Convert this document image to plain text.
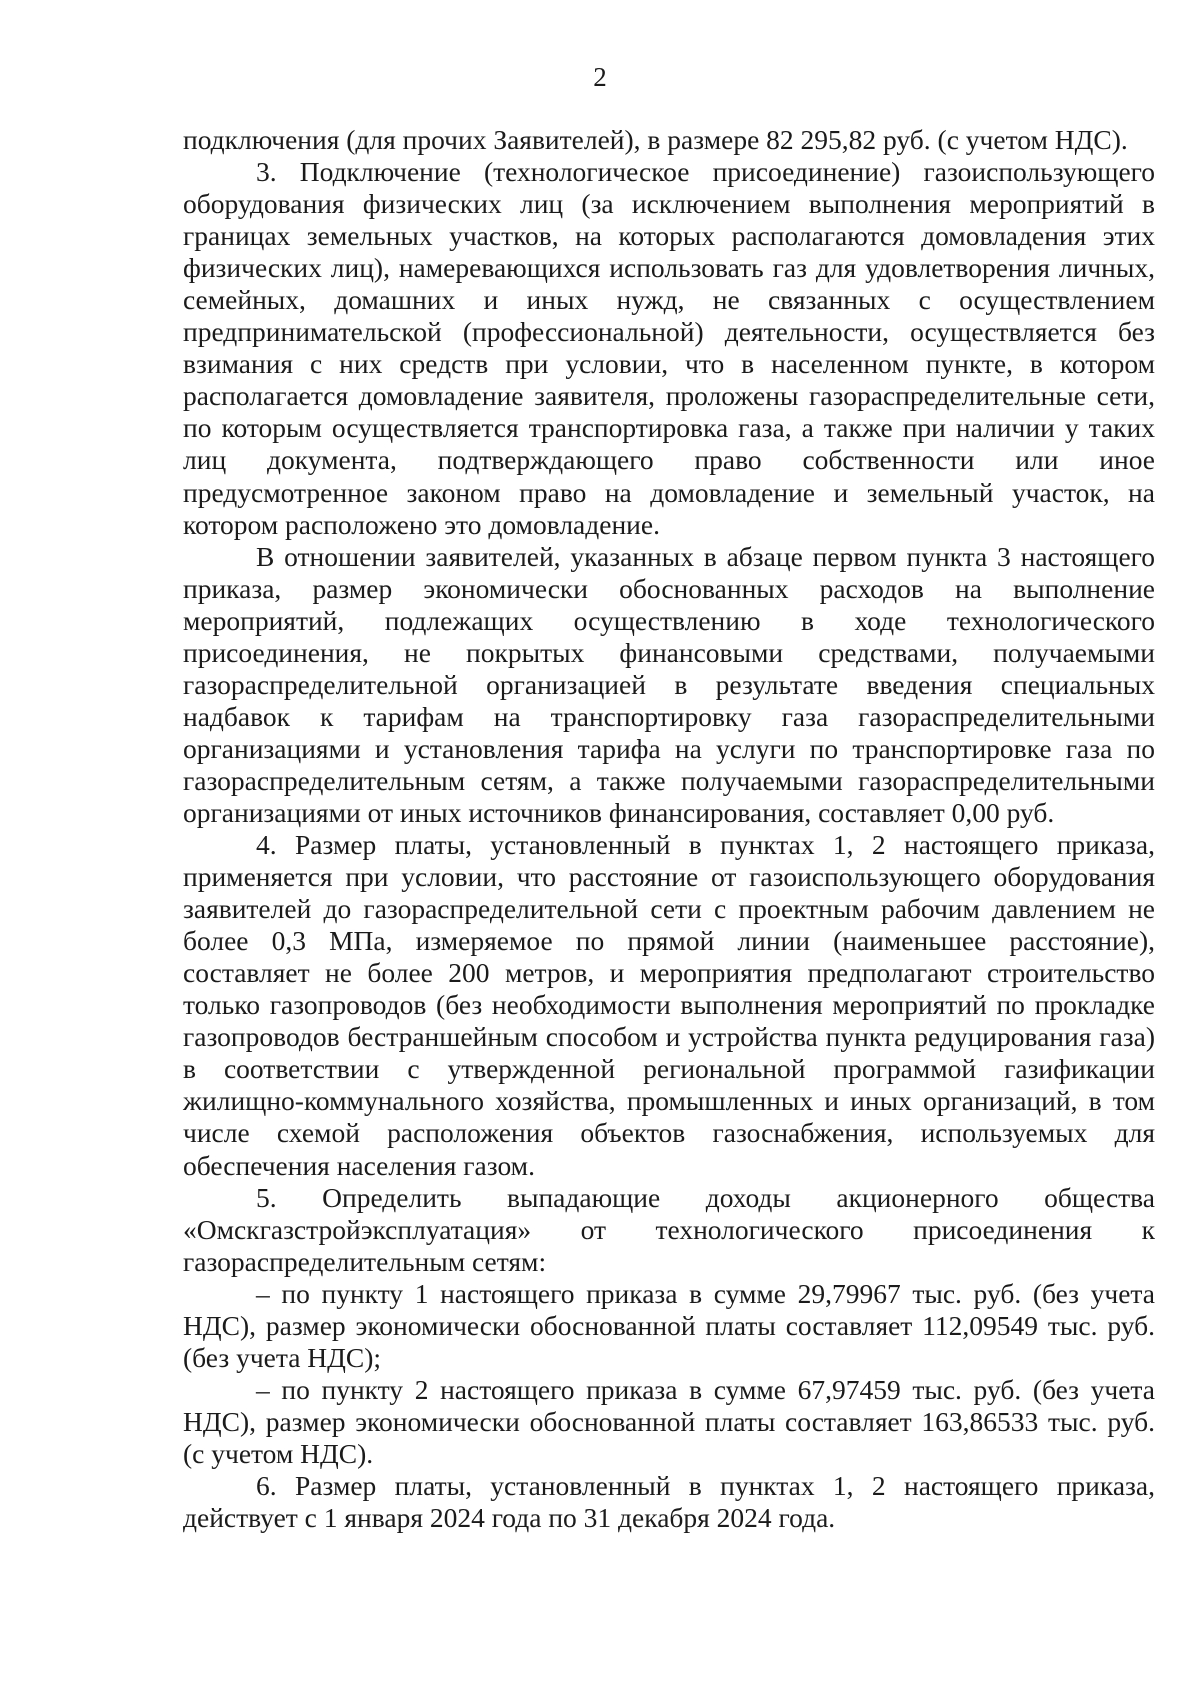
2

подключения (для прочих Заявителей), в размере 82 295,82 руб. (с учетом НДС).

3. Подключение (технологическое присоединение) газоиспользующего оборудования физических лиц (за исключением выполнения мероприятий в границах земельных участков, на которых располагаются домовладения этих физических лиц), намеревающихся использовать газ для удовлетворения личных, семейных, домашних и иных нужд, не связанных с осуществлением предпринимательской (профессиональной) деятельности, осуществляется без взимания с них средств при условии, что в населенном пункте, в котором располагается домовладение заявителя, проложены газораспределительные сети, по которым осуществляется транспортировка газа, а также при наличии у таких лиц документа, подтверждающего право собственности или иное предусмотренное законом право на домовладение и земельный участок, на котором расположено это домовладение.

В отношении заявителей, указанных в абзаце первом пункта 3 настоящего приказа, размер экономически обоснованных расходов на выполнение мероприятий, подлежащих осуществлению в ходе технологического присоединения, не покрытых финансовыми средствами, получаемыми газораспределительной организацией в результате введения специальных надбавок к тарифам на транспортировку газа газораспределительными организациями и установления тарифа на услуги по транспортировке газа по газораспределительным сетям, а также получаемыми газораспределительными организациями от иных источников финансирования, составляет 0,00 руб.

4. Размер платы, установленный в пунктах 1, 2 настоящего приказа, применяется при условии, что расстояние от газоиспользующего оборудования заявителей до газораспределительной сети с проектным рабочим давлением не более 0,3 МПа, измеряемое по прямой линии (наименьшее расстояние), составляет не более 200 метров, и мероприятия предполагают строительство только газопроводов (без необходимости выполнения мероприятий по прокладке газопроводов бестраншейным способом и устройства пункта редуцирования газа) в соответствии с утвержденной региональной программой газификации жилищно-коммунального хозяйства, промышленных и иных организаций, в том числе схемой расположения объектов газоснабжения, используемых для обеспечения населения газом.

5. Определить выпадающие доходы акционерного общества «Омскгазстройэксплуатация» от технологического присоединения к газораспределительным сетям:

– по пункту 1 настоящего приказа в сумме 29,79967 тыс. руб. (без учета НДС), размер экономически обоснованной платы составляет 112,09549 тыс. руб. (без учета НДС);

– по пункту 2 настоящего приказа в сумме 67,97459 тыс. руб. (без учета НДС), размер экономически обоснованной платы составляет 163,86533 тыс. руб. (с учетом НДС).

6. Размер платы, установленный в пунктах 1, 2 настоящего приказа, действует с 1 января 2024 года по 31 декабря 2024 года.
